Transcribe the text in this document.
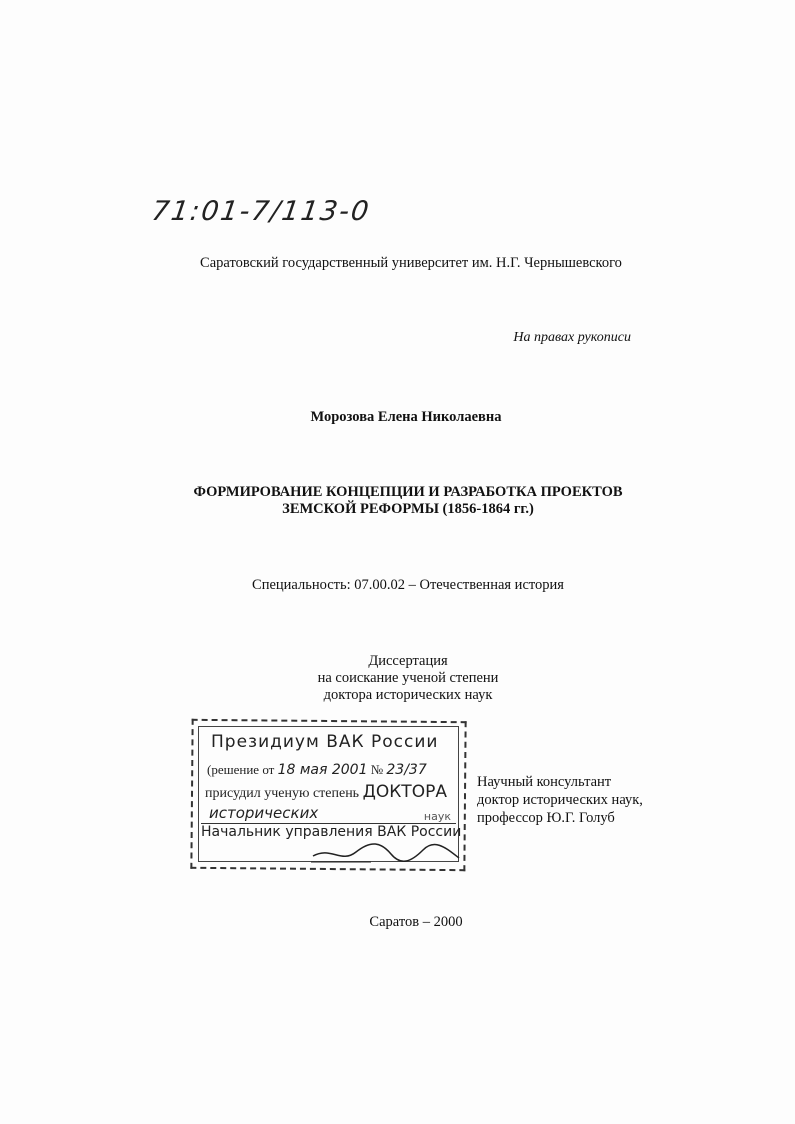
71:01-7/113-0
Саратовский государственный университет им. Н.Г. Чернышевского
На правах рукописи
Морозова Елена Николаевна
ФОРМИРОВАНИЕ КОНЦЕПЦИИ И РАЗРАБОТКА ПРОЕКТОВ
ЗЕМСКОЙ РЕФОРМЫ (1856-1864 гг.)
Специальность: 07.00.02 – Отечественная история
Диссертация
на соискание ученой степени
доктора исторических наук
Президиум ВАК России
(решение от 18 мая 2001 № 23/37
присудил ученую степень ДОКТОРА
исторических	наук
Начальник управления ВАК России
Научный консультант
доктор исторических наук,
профессор Ю.Г. Голуб
Саратов – 2000
